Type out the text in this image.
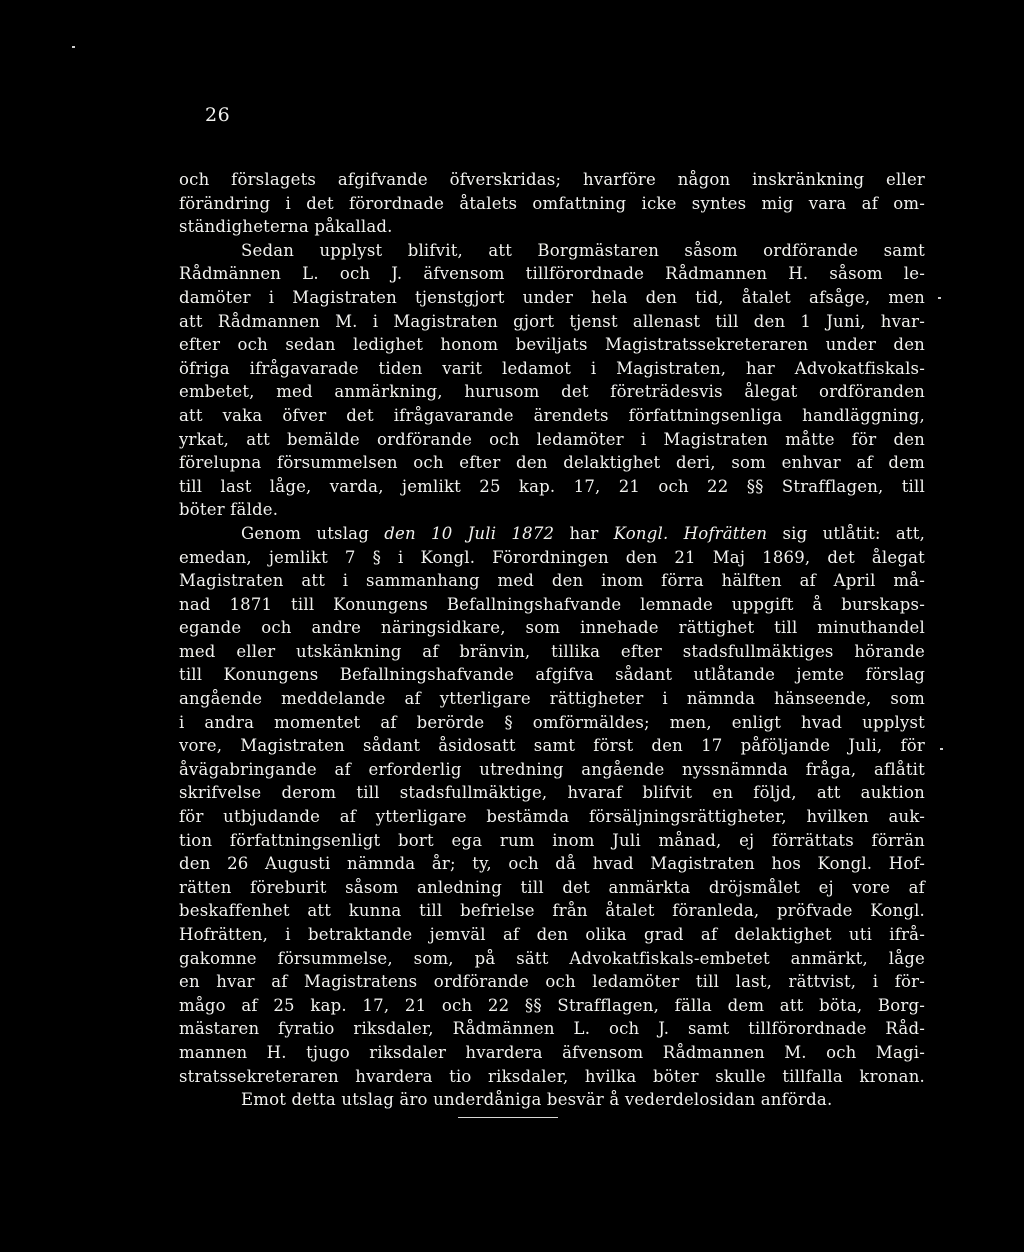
26
och förslagets afgifvande öfverskridas; hvarföre någon inskränkning eller
förändring i det förordnade åtalets omfattning icke syntes mig vara af om-
ständigheterna påkallad.
Sedan upplyst blifvit, att Borgmästaren såsom ordförande samt
Rådmännen L. och J. äfvensom tillförordnade Rådmannen H. såsom le-
damöter i Magistraten tjenstgjort under hela den tid, åtalet afsåge, men
att Rådmannen M. i Magistraten gjort tjenst allenast till den 1 Juni, hvar-
efter och sedan ledighet honom beviljats Magistratssekreteraren under den
öfriga ifrågavarade tiden varit ledamot i Magistraten, har Advokatfiskals-
embetet, med anmärkning, hurusom det företrädesvis ålegat ordföranden
att vaka öfver det ifrågavarande ärendets författningsenliga handläggning,
yrkat, att bemälde ordförande och ledamöter i Magistraten måtte för den
förelupna försummelsen och efter den delaktighet deri, som enhvar af dem
till last låge, varda, jemlikt 25 kap. 17, 21 och 22 §§ Strafflagen, till
böter fälde.
Genom utslag den 10 Juli 1872 har Kongl. Hofrätten sig utlåtit: att,
emedan, jemlikt 7 § i Kongl. Förordningen den 21 Maj 1869, det ålegat
Magistraten att i sammanhang med den inom förra hälften af April må-
nad 1871 till Konungens Befallningshafvande lemnade uppgift å burskaps-
egande och andre näringsidkare, som innehade rättighet till minuthandel
med eller utskänkning af bränvin, tillika efter stadsfullmäktiges hörande
till Konungens Befallningshafvande afgifva sådant utlåtande jemte förslag
angående meddelande af ytterligare rättigheter i nämnda hänseende, som
i andra momentet af berörde § omförmäldes; men, enligt hvad upplyst
vore, Magistraten sådant åsidosatt samt först den 17 påföljande Juli, för
åvägabringande af erforderlig utredning angående nyssnämnda fråga, aflåtit
skrifvelse derom till stadsfullmäktige, hvaraf blifvit en följd, att auktion
för utbjudande af ytterligare bestämda försäljningsrättigheter, hvilken auk-
tion författningsenligt bort ega rum inom Juli månad, ej förrättats förrän
den 26 Augusti nämnda år; ty, och då hvad Magistraten hos Kongl. Hof-
rätten föreburit såsom anledning till det anmärkta dröjsmålet ej vore af
beskaffenhet att kunna till befrielse från åtalet föranleda, pröfvade Kongl.
Hofrätten, i betraktande jemväl af den olika grad af delaktighet uti ifrå-
gakomne försummelse, som, på sätt Advokatfiskals-embetet anmärkt, låge
en hvar af Magistratens ordförande och ledamöter till last, rättvist, i för-
mågo af 25 kap. 17, 21 och 22 §§ Strafflagen, fälla dem att böta, Borg-
mästaren fyratio riksdaler, Rådmännen L. och J. samt tillförordnade Råd-
mannen H. tjugo riksdaler hvardera äfvensom Rådmannen M. och Magi-
stratssekreteraren hvardera tio riksdaler, hvilka böter skulle tillfalla kronan.
Emot detta utslag äro underdåniga besvär å vederdelosidan anförda.
